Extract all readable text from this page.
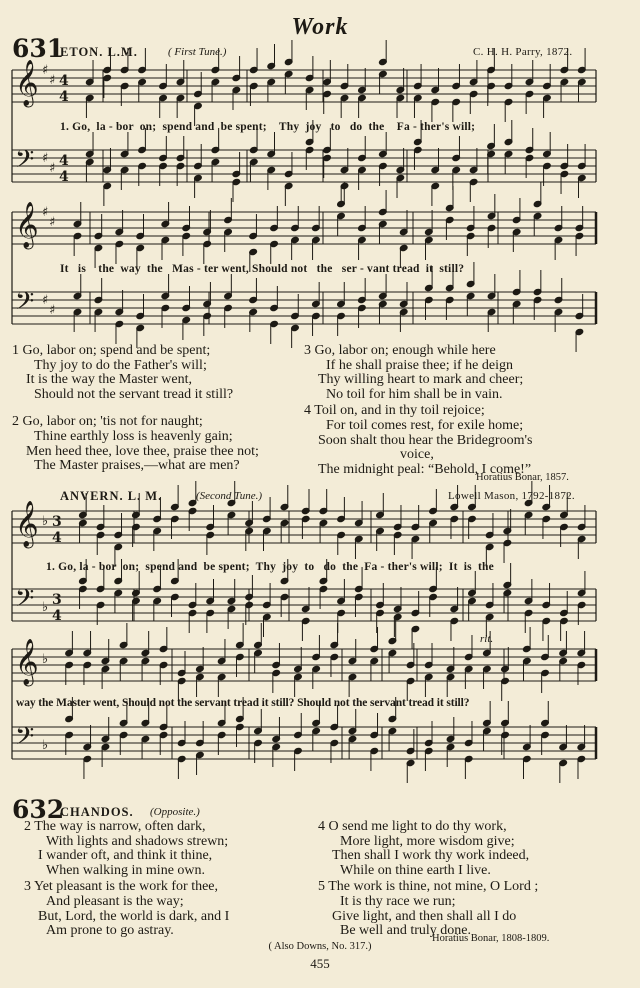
𝄞
𝄢
♯
♯
♯
♯
4
4
4
4
𝄞
𝄢
♯
♯
♯
♯
𝄞
𝄢
♭
♭
3
4
3
4
𝄞
𝄢
♭
♭
Work
631
ETON. L.M.	( First Tune.)	C. H. H. Parry, 1872.
1. Go,  la - bor  on;  spend and  be spent;    Thy  joy   to   do  the    Fa - ther's will;
It   is    the  way  the   Mas - ter went, Should not   the   ser - vant tread  it  still?
1 Go, labor on; spend and be spent;
Thy joy to do the Father's will;
It is the way the Master went,
Should not the servant tread it still?
2 Go, labor on; 'tis not for naught;
Thine earthly loss is heavenly gain;
Men heed thee, love thee, praise thee not;
The Master praises,—what are men?
3 Go, labor on; enough while here
If he shall praise thee; if he deign
Thy willing heart to mark and cheer;
No toil for him shall be in vain.
4 Toil on, and in thy toil rejoice;
For toil comes rest, for exile home;
Soon shalt thou hear the Bridegroom's
voice,
The midnight peal: “Behold, I come!”
Horatius Bonar, 1857.
ANVERN. L. M.	(Second Tune.)	Lowell Mason, 1792-1872.
1. Go, la - bor  on;  spend and  be spent;  Thy  joy  to   do  the  Fa - ther's will;  It  is  the
way the Master went, Should not the servant tread it still? Should not the servant tread it still?
rit.
632
CHANDOS. (Opposite.)
2 The way is narrow, often dark,
With lights and shadows strewn;
I wander oft, and think it thine,
When walking in mine own.
3 Yet pleasant is the work for thee,
And pleasant is the way;
But, Lord, the world is dark, and I
Am prone to go astray.
4 O send me light to do thy work,
More light, more wisdom give;
Then shall I work thy work indeed,
While on thine earth I live.
5 The work is thine, not mine, O Lord ;
It is thy race we run;
Give light, and then shall all I do
Be well and truly done.
Horatius Bonar, 1808-1809.
( Also Downs, No. 317.)
455
